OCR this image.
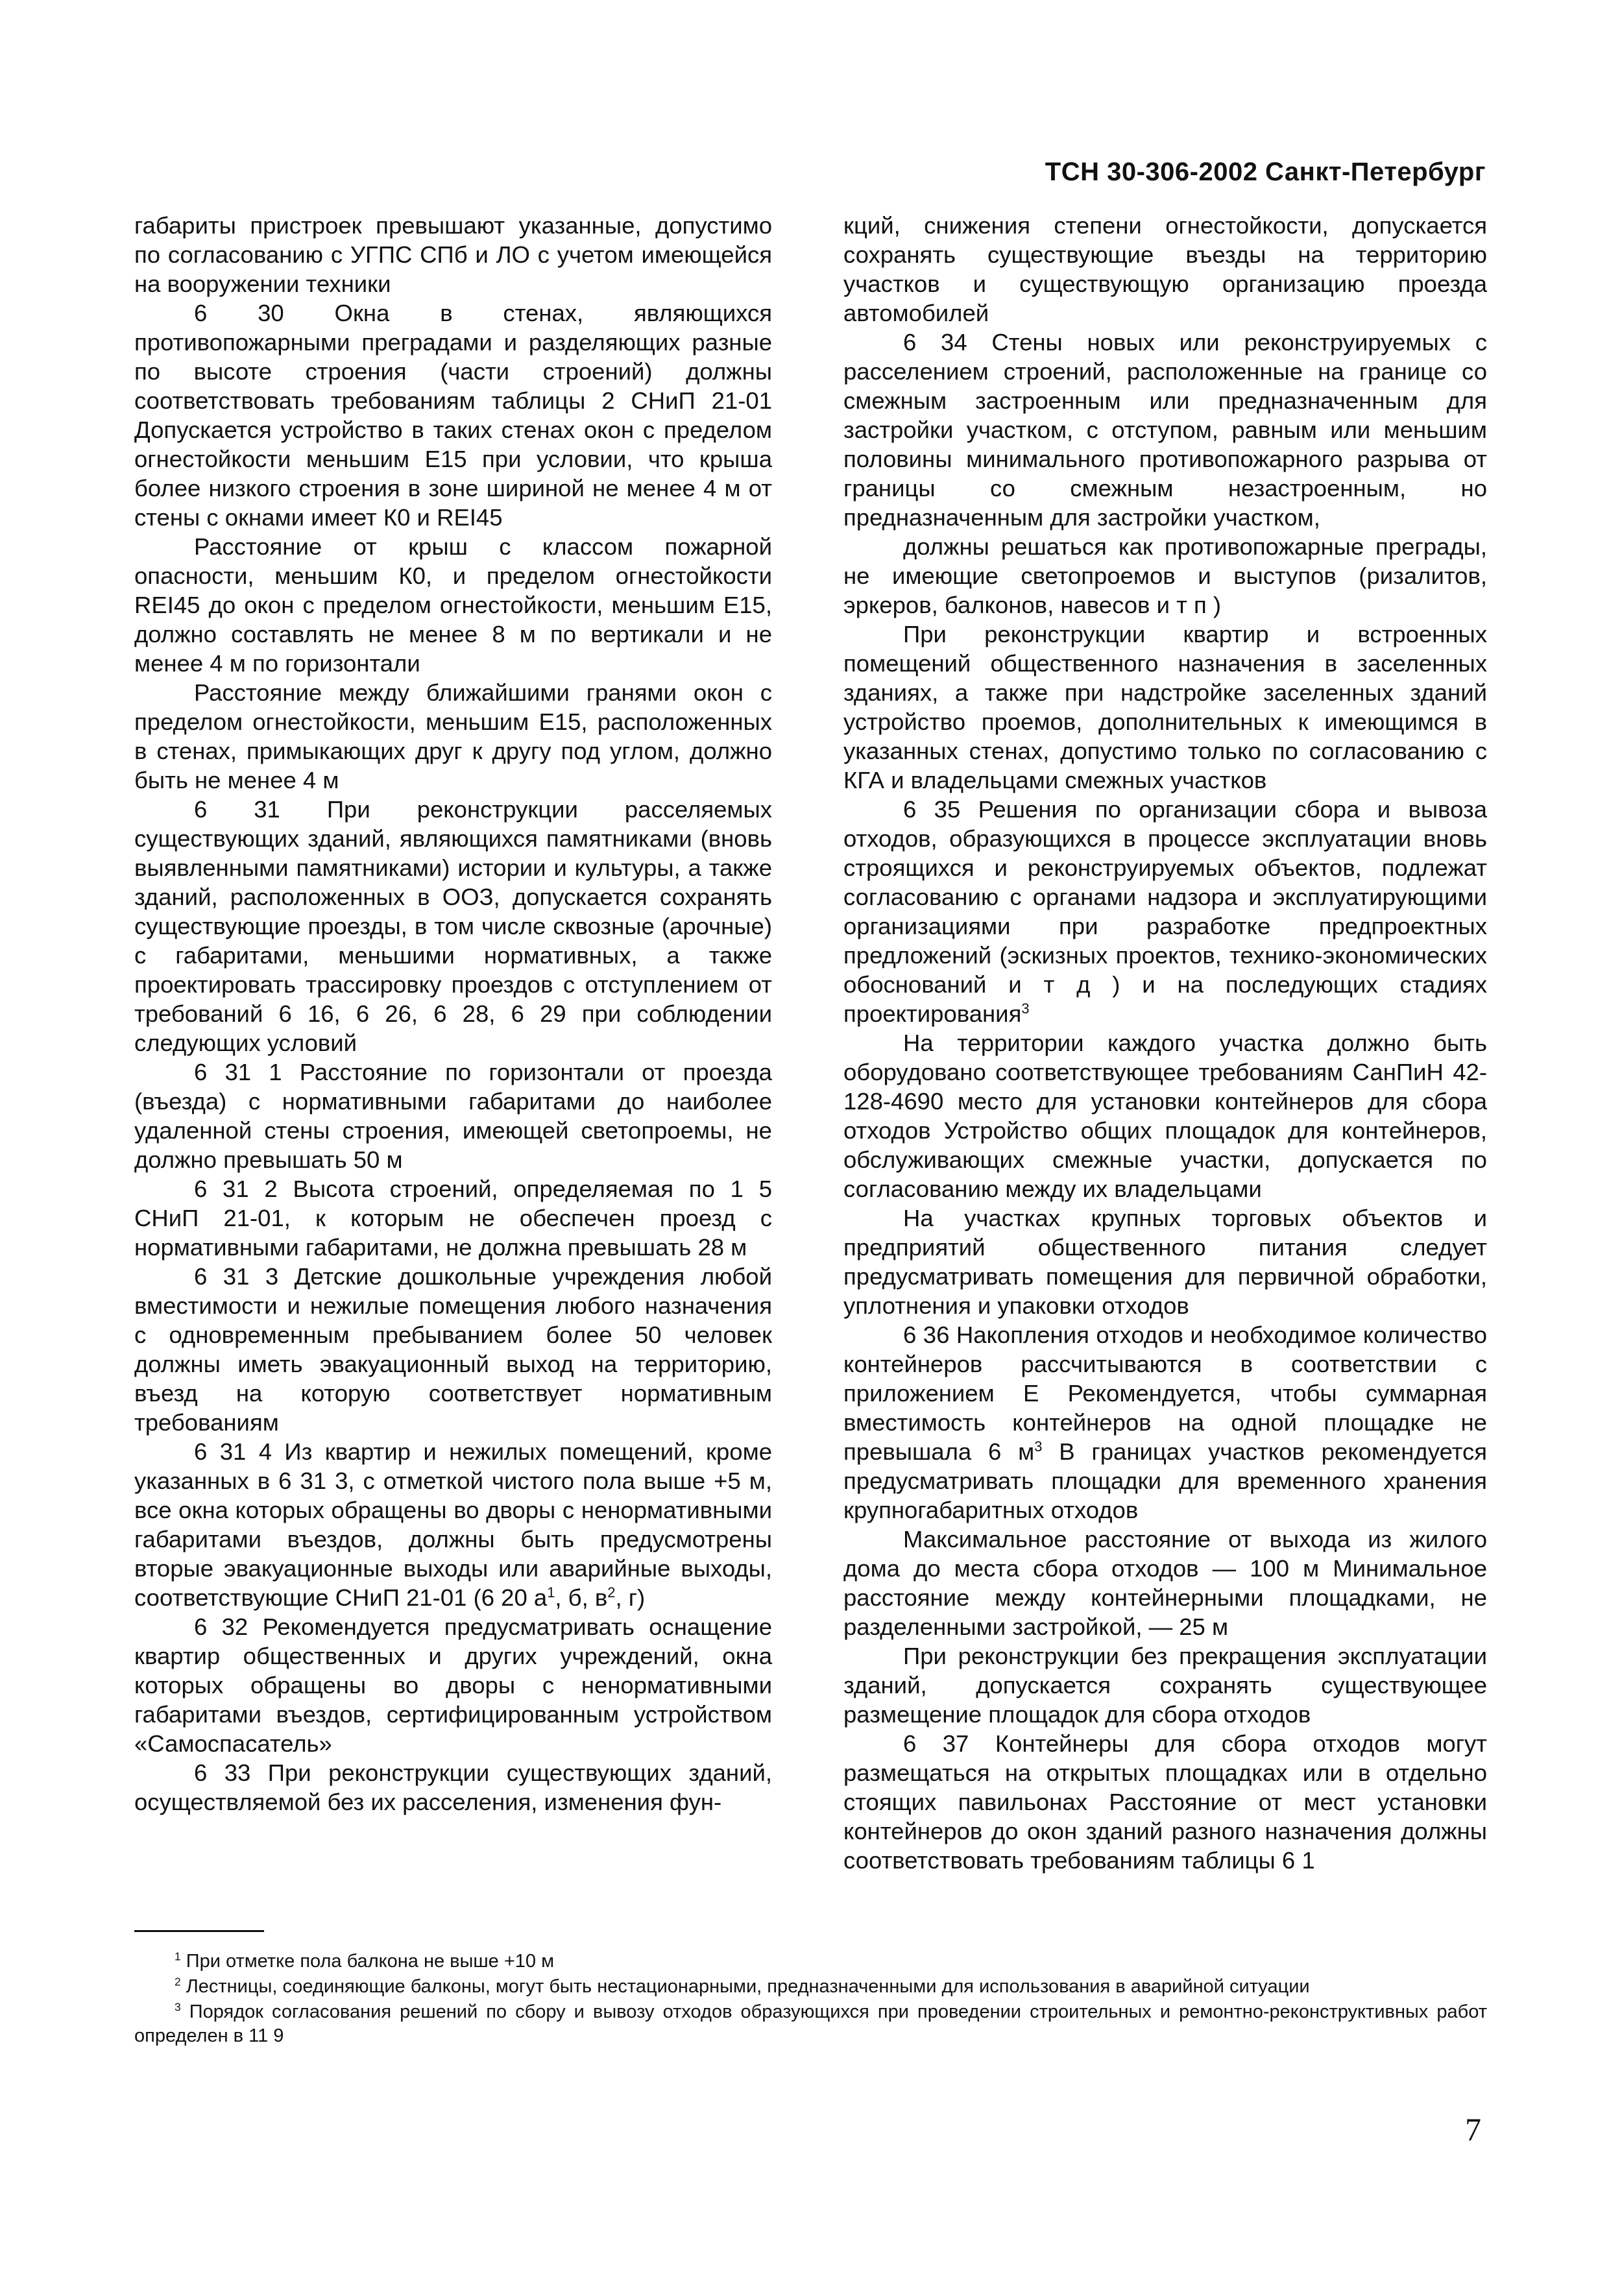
ТСН 30-306-2002 Санкт-Петербург

габариты пристроек превышают указанные, допустимо по согласованию с УГПС СПб и ЛО с учетом имеющейся на вооружении техники

6 30 Окна в стенах, являющихся противопожарными преградами и разделяющих разные по высоте строения (части строений) должны соответствовать требованиям таблицы 2 СНиП 21-01 Допускается устройство в таких стенах окон с пределом огнестойкости меньшим Е15 при условии, что крыша более низкого строения в зоне шириной не менее 4 м от стены с окнами имеет К0 и REI45

Расстояние от крыш с классом пожарной опасности, меньшим К0, и пределом огнестойкости REI45 до окон с пределом огнестойкости, меньшим Е15, должно составлять не менее 8 м по вертикали и не менее 4 м по горизонтали

Расстояние между ближайшими гранями окон с пределом огнестойкости, меньшим Е15, расположенных в стенах, примыкающих друг к другу под углом, должно быть не менее 4 м

6 31 При реконструкции расселяемых существующих зданий, являющихся памятниками (вновь выявленными памятниками) истории и культуры, а также зданий, расположенных в ООЗ, допускается сохранять существующие проезды, в том числе сквозные (арочные) с габаритами, меньшими нормативных, а также проектировать трассировку проездов с отступлением от требований 6 16, 6 26, 6 28, 6 29 при соблюдении следующих условий

6 31 1 Расстояние по горизонтали от проезда (въезда) с нормативными габаритами до наиболее удаленной стены строения, имеющей светопроемы, не должно превышать 50 м

6 31 2 Высота строений, определяемая по 1 5 СНиП 21-01, к которым не обеспечен проезд с нормативными габаритами, не должна превышать 28 м

6 31 3 Детские дошкольные учреждения любой вместимости и нежилые помещения любого назначения с одновременным пребыванием более 50 человек должны иметь эвакуационный выход на территорию, въезд на которую соответствует нормативным требованиям

6 31 4 Из квартир и нежилых помещений, кроме указанных в 6 31 3, с отметкой чистого пола выше +5 м, все окна которых обращены во дворы с ненормативными габаритами въездов, должны быть предусмотрены вторые эвакуационные выходы или аварийные выходы, соответствующие СНиП 21-01 (6 20 $а^1$, б, $в^2$, г)

6 32 Рекомендуется предусматривать оснащение квартир общественных и других учреждений, окна которых обращены во дворы с ненормативными габаритами въездов, сертифицированным устройством «Самоспасатель»

6 33 При реконструкции существующих зданий, осуществляемой без их расселения, изменения фун-

кций, снижения степени огнестойкости, допускается сохранять существующие въезды на территорию участков и существующую организацию проезда автомобилей

6 34 Стены новых или реконструируемых с расселением строений, расположенные на границе со смежным застроенным или предназначенным для застройки участком, с отступом, равным или меньшим половины минимального противопожарного разрыва от границы со смежным незастроенным, но предназначенным для застройки участком,

должны решаться как противопожарные преграды, не имеющие светопроемов и выступов (ризалитов, эркеров, балконов, навесов и т п )

При реконструкции квартир и встроенных помещений общественного назначения в заселенных зданиях, а также при надстройке заселенных зданий устройство проемов, дополнительных к имеющимся в указанных стенах, допустимо только по согласованию с КГА и владельцами смежных участков

6 35 Решения по организации сбора и вывоза отходов, образующихся в процессе эксплуатации вновь строящихся и реконструируемых объектов, подлежат согласованию с органами надзора и эксплуатирующими организациями при разработке предпроектных предложений (эскизных проектов, технико-экономических обоснований и т д ) и на последующих стадиях проектирования$^3$

На территории каждого участка должно быть оборудовано соответствующее требованиям СанПиН 42-128-4690 место для установки контейнеров для сбора отходов Устройство общих площадок для контейнеров, обслуживающих смежные участки, допускается по согласованию между их владельцами

На участках крупных торговых объектов и предприятий общественного питания следует предусматривать помещения для первичной обработки, уплотнения и упаковки отходов

6 36 Накопления отходов и необходимое количество контейнеров рассчитываются в соответствии с приложением Е Рекомендуется, чтобы суммарная вместимость контейнеров на одной площадке не превышала 6 $м^3$ В границах участков рекомендуется предусматривать площадки для временного хранения крупногабаритных отходов

Максимальное расстояние от выхода из жилого дома до места сбора отходов — 100 м Минимальное расстояние между контейнерными площадками, не разделенными застройкой, — 25 м

При реконструкции без прекращения эксплуатации зданий, допускается сохранять существующее размещение площадок для сбора отходов

6 37 Контейнеры для сбора отходов могут размещаться на открытых площадках или в отдельно стоящих павильонах Расстояние от мест установки контейнеров до окон зданий разного назначения должны соответствовать требованиям таблицы 6 1

$^1$ При отметке пола балкона не выше +10 м

$^2$ Лестницы, соединяющие балконы, могут быть нестационарными, предназначенными для использования в аварийной ситуации

$^3$ Порядок согласования решений по сбору и вывозу отходов образующихся при проведении строительных и ремонтно-реконструктивных работ определен в 11 9

7
